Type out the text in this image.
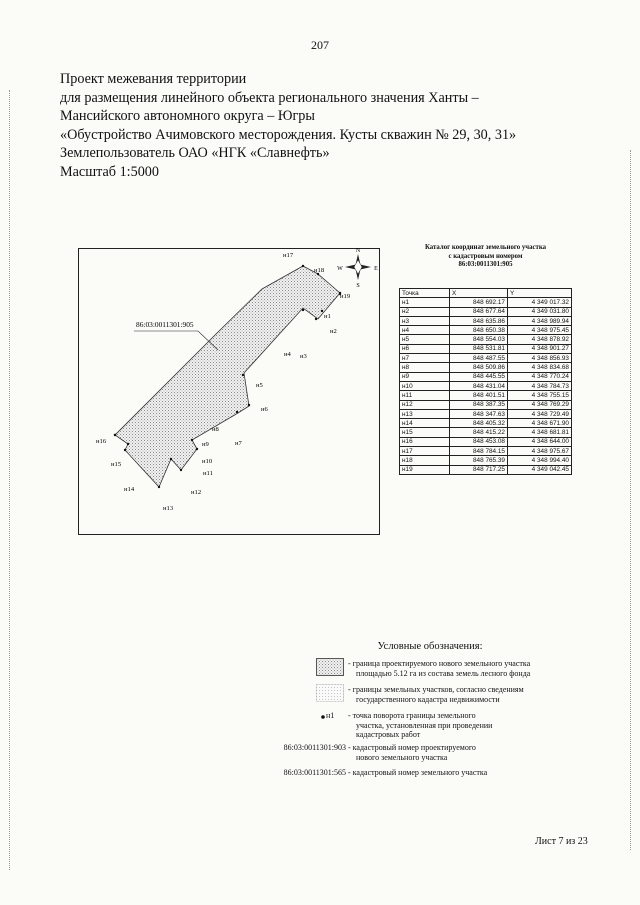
207
Проект межевания территории
для размещения линейного объекта регионального значения Ханты –
Мансийского автономного округа – Югры
«Обустройство Ачимовского месторождения. Кусты скважин № 29, 30, 31»
Землепользователь ОАО «НГК «Славнефть»
Масштаб 1:5000
N
S
W	E
86:03:0011301:905
н1
н2
н3
н4
н5
н6
н7
н8
н9
н10
н11
н12
н13
н14
н15
н16
н17
н18
н19
Каталог координат земельного участка
с кадастровым номером
86:03:0011301:905
Точка	X	Y
н1	848 692.17	4 349 017.32
н2	848 677.64	4 349 031.80
н3	848 635.86	4 348 989.94
н4	848 650.38	4 348 975.45
н5	848 554.03	4 348 878.92
н6	848 531.81	4 348 901.27
н7	848 487.55	4 348 856.93
н8	848 509.86	4 348 834.68
н9	848 445.55	4 348 770.24
н10	848 431.04	4 348 784.73
н11	848 401.51	4 348 755.15
н12	848 387.35	4 348 769.29
н13	848 347.63	4 348 729.49
н14	848 405.32	4 348 671.90
н15	848 415.22	4 348 681.81
н16	848 453.08	4 348 644.00
н17	848 784.15	4 348 975.67
н18	848 765.39	4 348 994.40
н19	848 717.25	4 349 042.45
Условные обозначения:
- граница проектируемого нового земельного участка
площадью 5.12 га из состава земель лесного фонда
- границы земельных участков, согласно сведениям
государственного кадастра недвижимости
н1	- точка поворота границы земельного
участка, установленная при проведении
кадастровых работ
86:03:0011301:903 - кадастровый номер проектируемого
нового земельного участка
86:03:0011301:565 - кадастровый номер земельного участка
Лист 7 из 23
